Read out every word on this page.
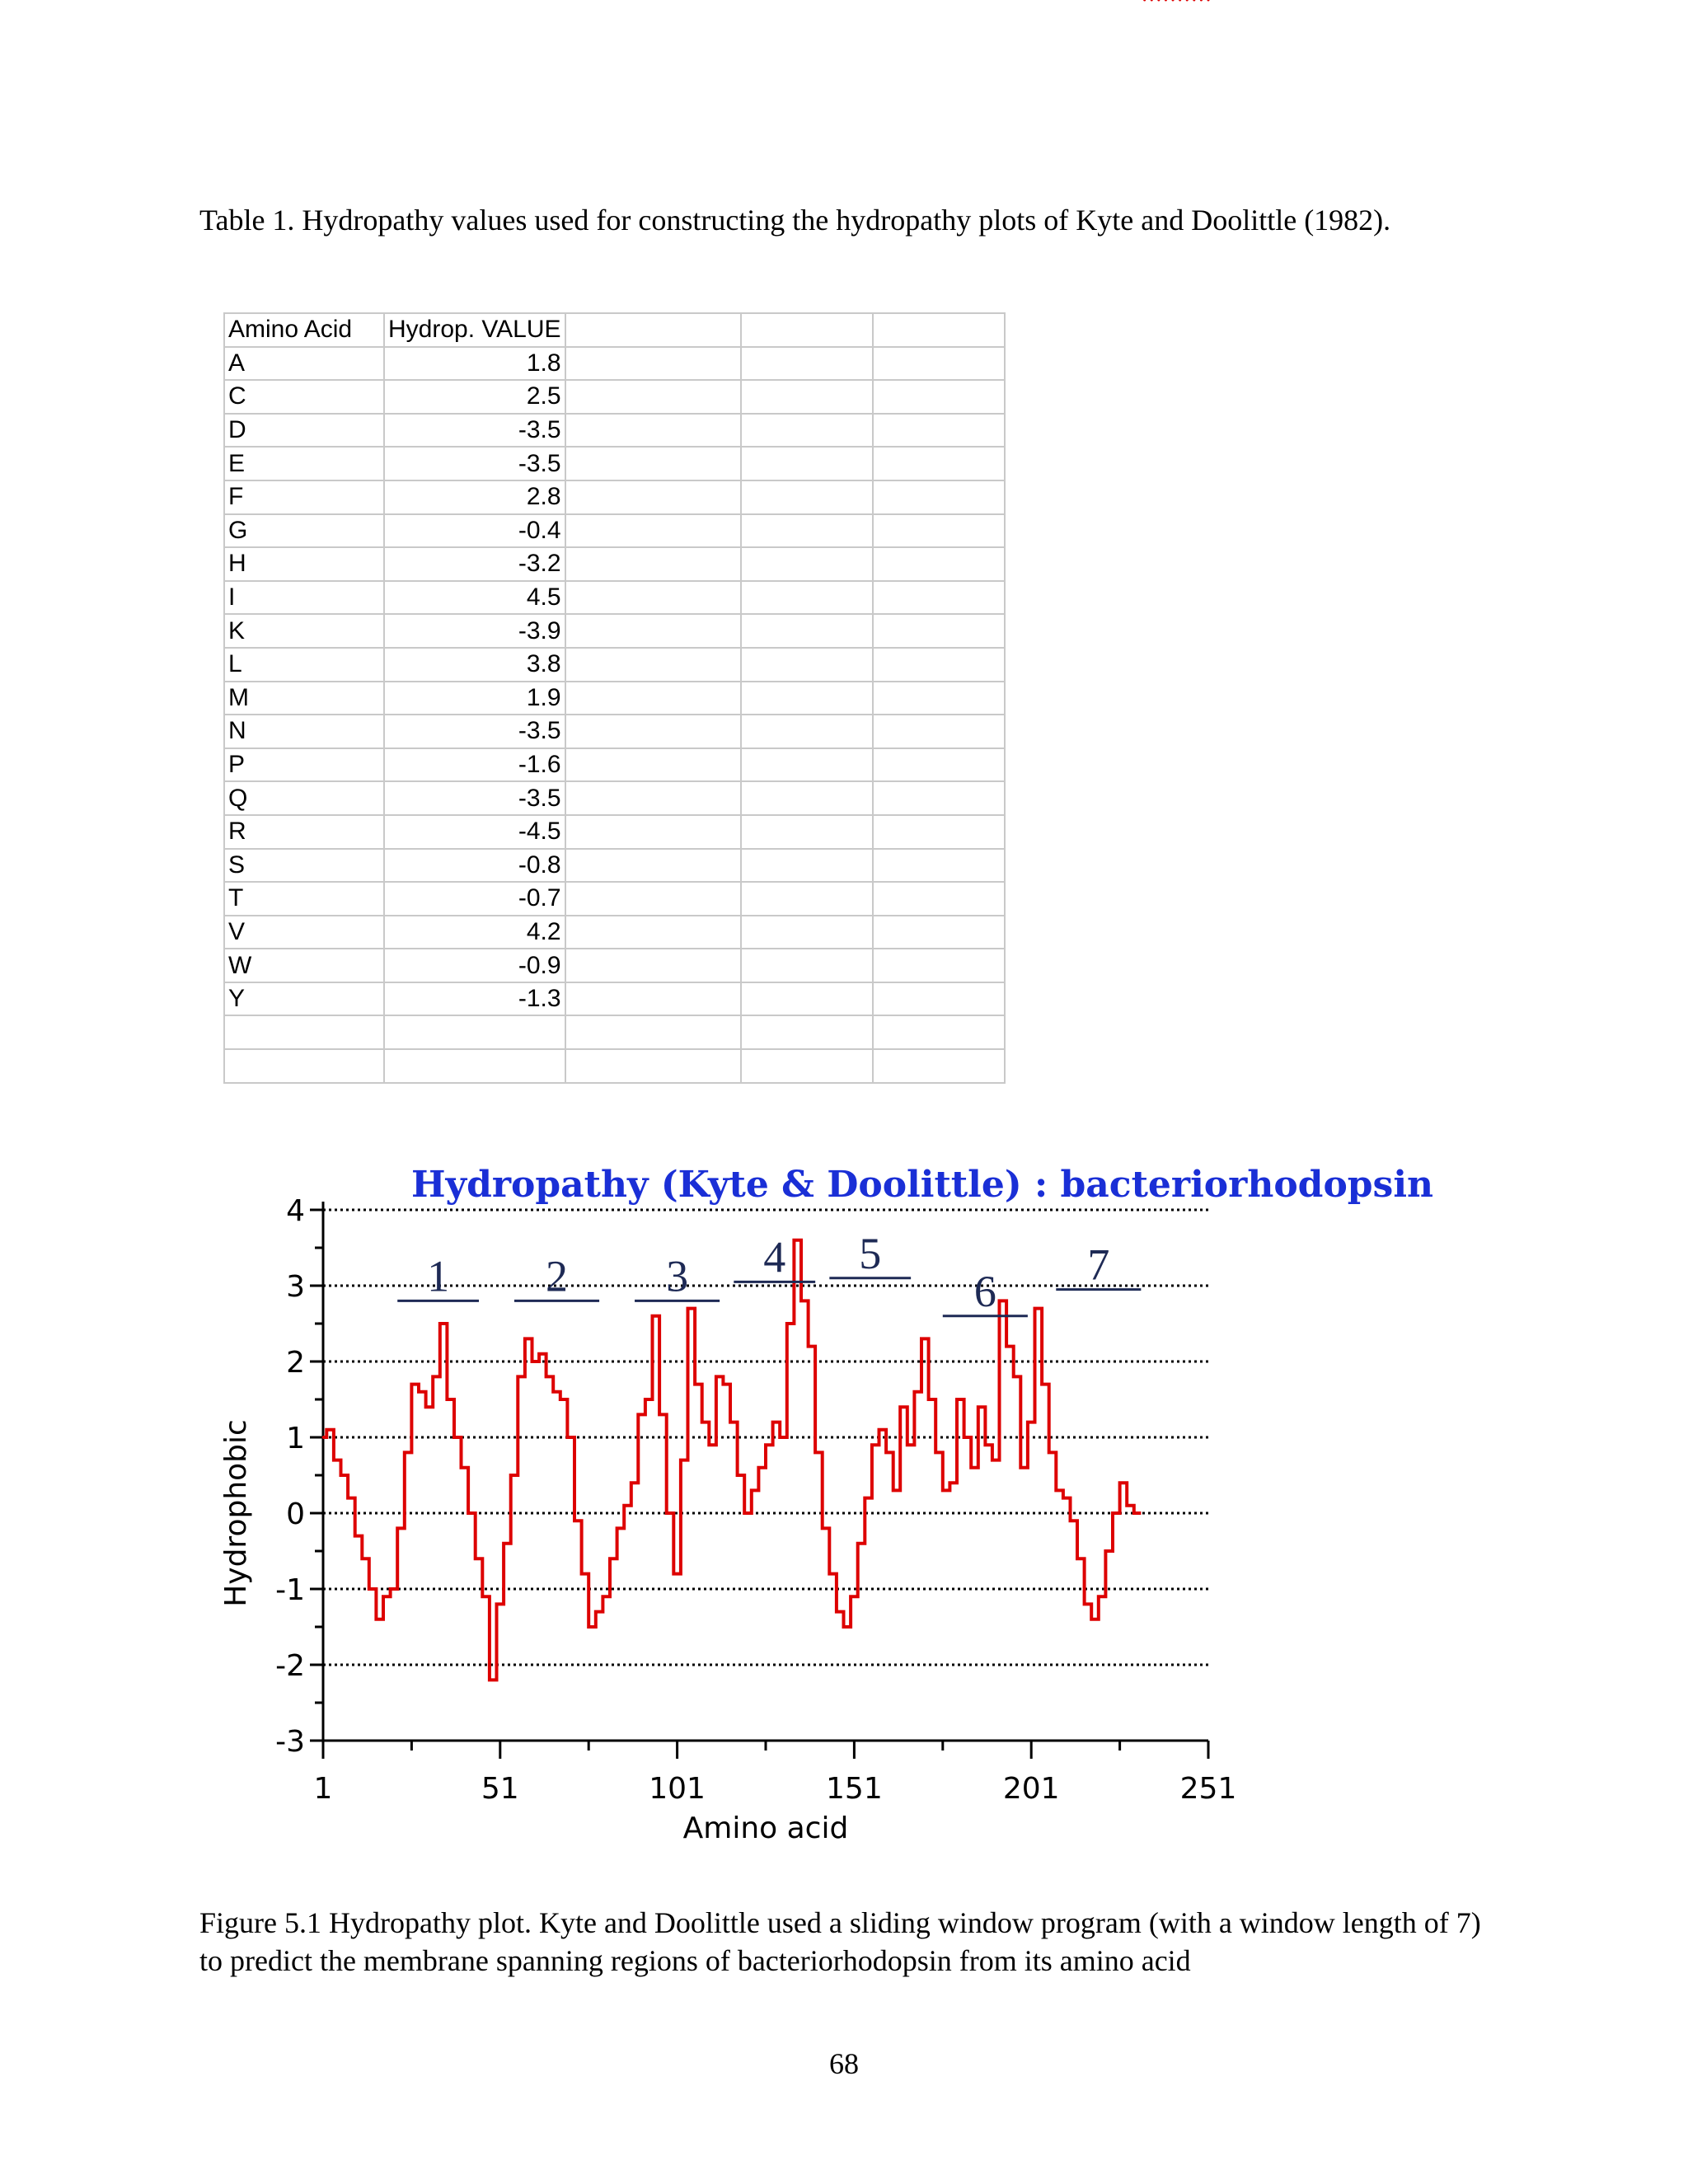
Table 1. Hydropathy values used for constructing the hydropathy plots of Kyte and Doolittle (1982).

Amino Acid	Hydrop. VALUE			
A	1.8			
C	2.5			
D	-3.5			
E	-3.5			
F	2.8			
G	-0.4			
H	-3.2			
I	4.5			
K	-3.9			
L	3.8			
M	1.9			
N	-3.5			
P	-1.6			
Q	-3.5			
R	-4.5			
S	-0.8			
T	-0.7			
V	4.2			
W	-0.9			
Y	-1.3			

Hydropathy (Kyte & Doolittle) : bacteriorhodopsin
-3
-2
-1
0
1
2
3
4
1	51	101	151	201	251
Amino acid
Hydrophobic
1 2 3 4 5
6
7

Figure 5.1 Hydropathy plot. Kyte and Doolittle used a sliding window program (with a window length of 7) to predict the membrane spanning regions of bacteriorhodopsin from its amino acid

68
